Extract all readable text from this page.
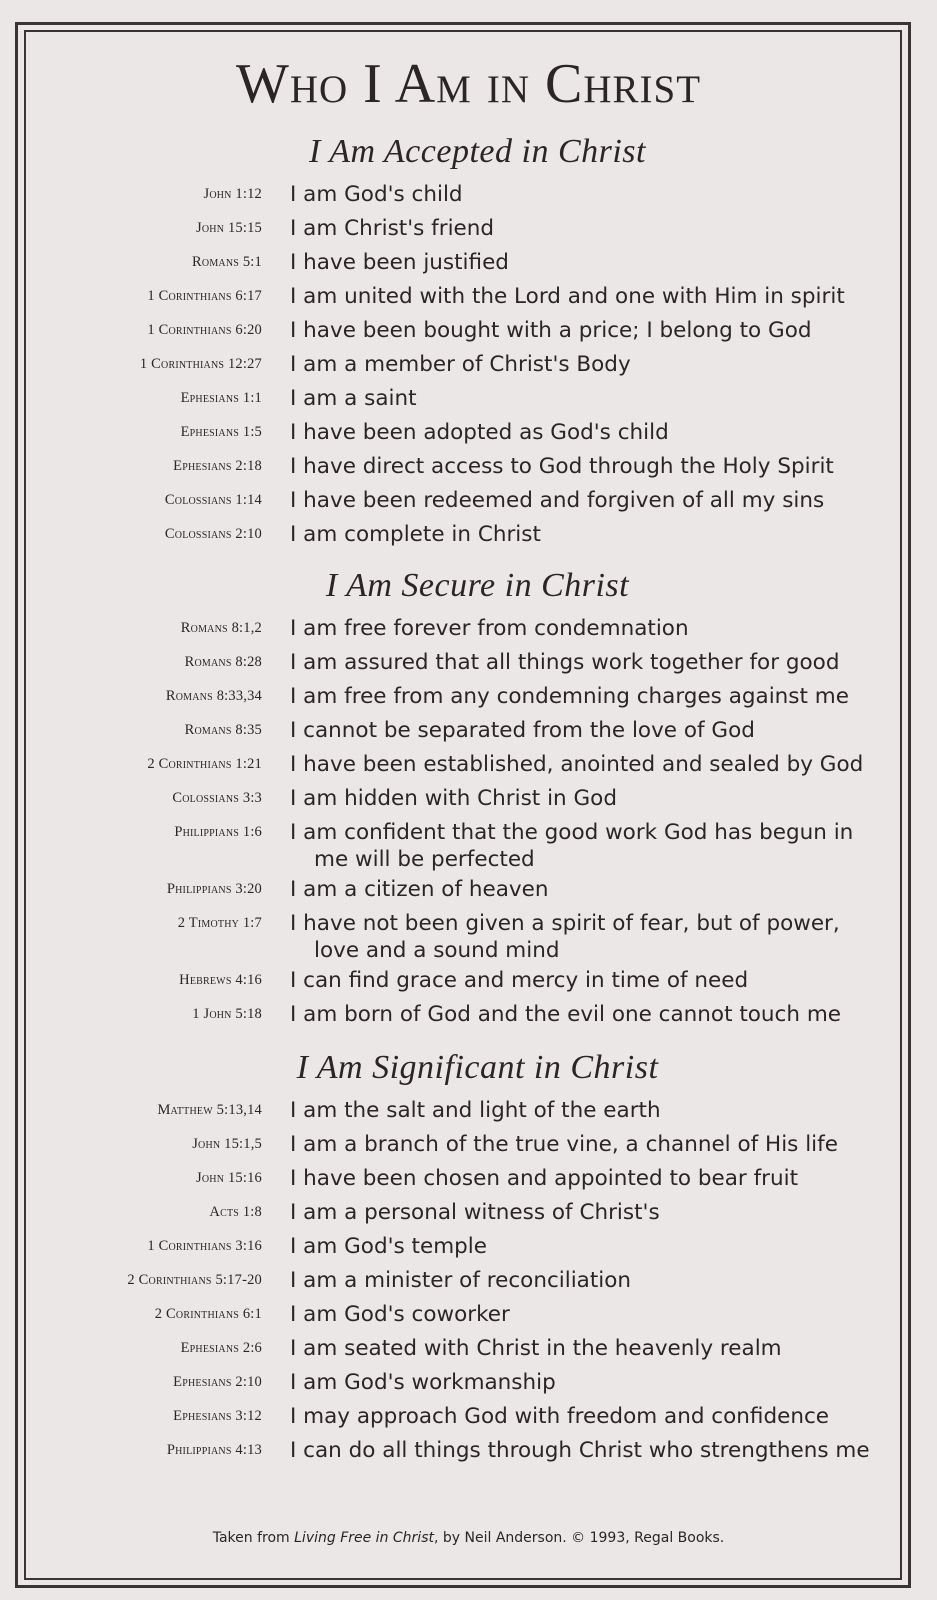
Who I Am in Christ
I Am Accepted in Christ
John 1:12	I am God's child
John 15:15	I am Christ's friend
Romans 5:1	I have been justified
1 Corinthians 6:17	I am united with the Lord and one with Him in spirit
1 Corinthians 6:20	I have been bought with a price; I belong to God
1 Corinthians 12:27	I am a member of Christ's Body
Ephesians 1:1	I am a saint
Ephesians 1:5	I have been adopted as God's child
Ephesians 2:18	I have direct access to God through the Holy Spirit
Colossians 1:14	I have been redeemed and forgiven of all my sins
Colossians 2:10	I am complete in Christ
I Am Secure in Christ
Romans 8:1,2	I am free forever from condemnation
Romans 8:28	I am assured that all things work together for good
Romans 8:33,34	I am free from any condemning charges against me
Romans 8:35	I cannot be separated from the love of God
2 Corinthians 1:21	I have been established, anointed and sealed by God
Colossians 3:3	I am hidden with Christ in God
Philippians 1:6	I am confident that the good work God has begun in
me will be perfected
Philippians 3:20	I am a citizen of heaven
2 Timothy 1:7	I have not been given a spirit of fear, but of power,
love and a sound mind
Hebrews 4:16	I can find grace and mercy in time of need
1 John 5:18	I am born of God and the evil one cannot touch me
I Am Significant in Christ
Matthew 5:13,14	I am the salt and light of the earth
John 15:1,5	I am a branch of the true vine, a channel of His life
John 15:16	I have been chosen and appointed to bear fruit
Acts 1:8	I am a personal witness of Christ's
1 Corinthians 3:16	I am God's temple
2 Corinthians 5:17-20	I am a minister of reconciliation
2 Corinthians 6:1	I am God's coworker
Ephesians 2:6	I am seated with Christ in the heavenly realm
Ephesians 2:10	I am God's workmanship
Ephesians 3:12	I may approach God with freedom and confidence
Philippians 4:13	I can do all things through Christ who strengthens me
Taken from Living Free in Christ, by Neil Anderson. © 1993, Regal Books.
